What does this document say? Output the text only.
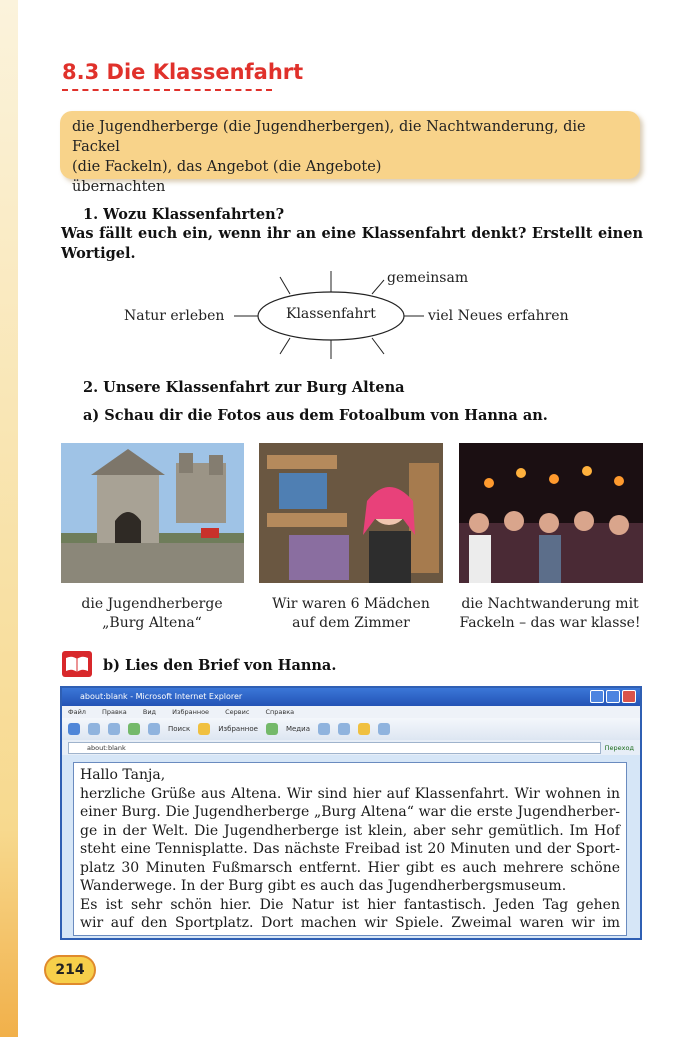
8.3 Die Klassenfahrt
die Jugendherberge (die Jugendherbergen), die Nachtwanderung, die Fackel
(die Fackeln), das Angebot (die Angebote)
übernachten
1. Wozu Klassenfahrten?
Was fällt euch ein, wenn ihr an eine Klassenfahrt denkt? Erstellt einen Wortigel.
Klassenfahrt
gemeinsam
Natur erleben	viel Neues erfahren
2. Unsere Klassenfahrt zur Burg Altena
a) Schau dir die Fotos aus dem Fotoalbum von Hanna an.
die Jugendherberge
„Burg Altena“
Wir waren 6 Mädchen
auf dem Zimmer
die Nachtwanderung mit
Fackeln – das war klasse!
b) Lies den Brief von Hanna.
about:blank - Microsoft Internet Explorer
Файл Правка Вид Избранное Сервис Справка
Поиск	Избранное	Медиа
about:blank	Переход

Hallo Tanja,

herzliche Grüße aus Altena. Wir sind hier auf Klassenfahrt. Wir wohnen in

einer Burg. Die Jugendherberge „Burg Altena“ war die erste Jugendherber-

ge in der Welt. Die Jugendherberge ist klein, aber sehr gemütlich. Im Hof

steht eine Tennisplatte. Das nächste Freibad ist 20 Minuten und der Sport-

platz 30 Minuten Fußmarsch entfernt. Hier gibt es auch mehrere schöne

Wanderwege. In der Burg gibt es auch das Jugendherbergsmuseum.

Es ist sehr schön hier. Die Natur ist hier fantastisch. Jeden Tag gehen

wir auf den Sportplatz. Dort machen wir Spiele. Zweimal waren wir im

214
